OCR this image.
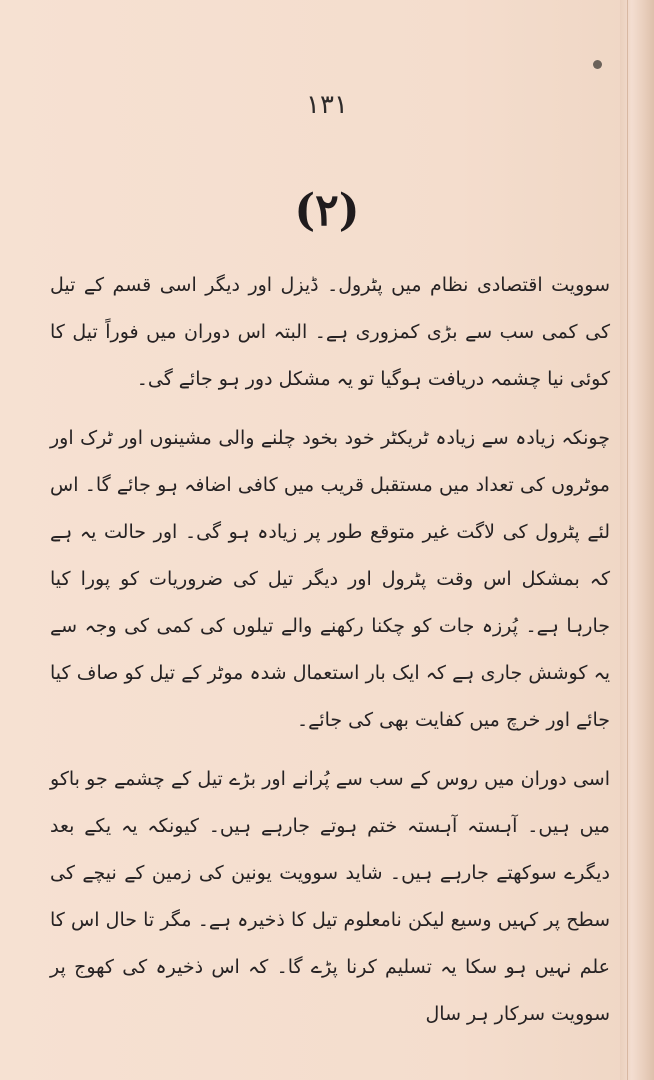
۱۳۱
(۲)

سوویت اقتصادی نظام میں پٹرول۔ ڈیزل اور دیگر اسی قسم کے تیل کی کمی سب سے بڑی کمزوری ہے۔ البتہ اس دوران میں فوراً تیل کا کوئی نیا چشمہ دریافت ہوگیا تو یہ مشکل دور ہو جائے گی۔

چونکہ زیادہ سے زیادہ ٹریکٹر خود بخود چلنے والی مشینوں اور ٹرک اور موٹروں کی تعداد میں مستقبل قریب میں کافی اضافہ ہو جائے گا۔ اس لئے پٹرول کی لاگت غیر متوقع طور پر زیادہ ہو گی۔ اور حالت یہ ہے کہ بمشکل اس وقت پٹرول اور دیگر تیل کی ضروریات کو پورا کیا جارہا ہے۔ پُرزہ جات کو چکنا رکھنے والے تیلوں کی کمی کی وجہ سے یہ کوشش جاری ہے کہ ایک بار استعمال شدہ موٹر کے تیل کو صاف کیا جائے اور خرچ میں کفایت بھی کی جائے۔

اسی دوران میں روس کے سب سے پُرانے اور بڑے تیل کے چشمے جو باکو میں ہیں۔ آہستہ آہستہ ختم ہوتے جارہے ہیں۔ کیونکہ یہ یکے بعد دیگرے سوکھتے جارہے ہیں۔ شاید سوویت یونین کی زمین کے نیچے کی سطح پر کہیں وسیع لیکن نامعلوم تیل کا ذخیرہ ہے۔ مگر تا حال اس کا علم نہیں ہو سکا یہ تسلیم کرنا پڑے گا۔ کہ اس ذخیرہ کی کھوج پر سوویت سرکار ہر سال
